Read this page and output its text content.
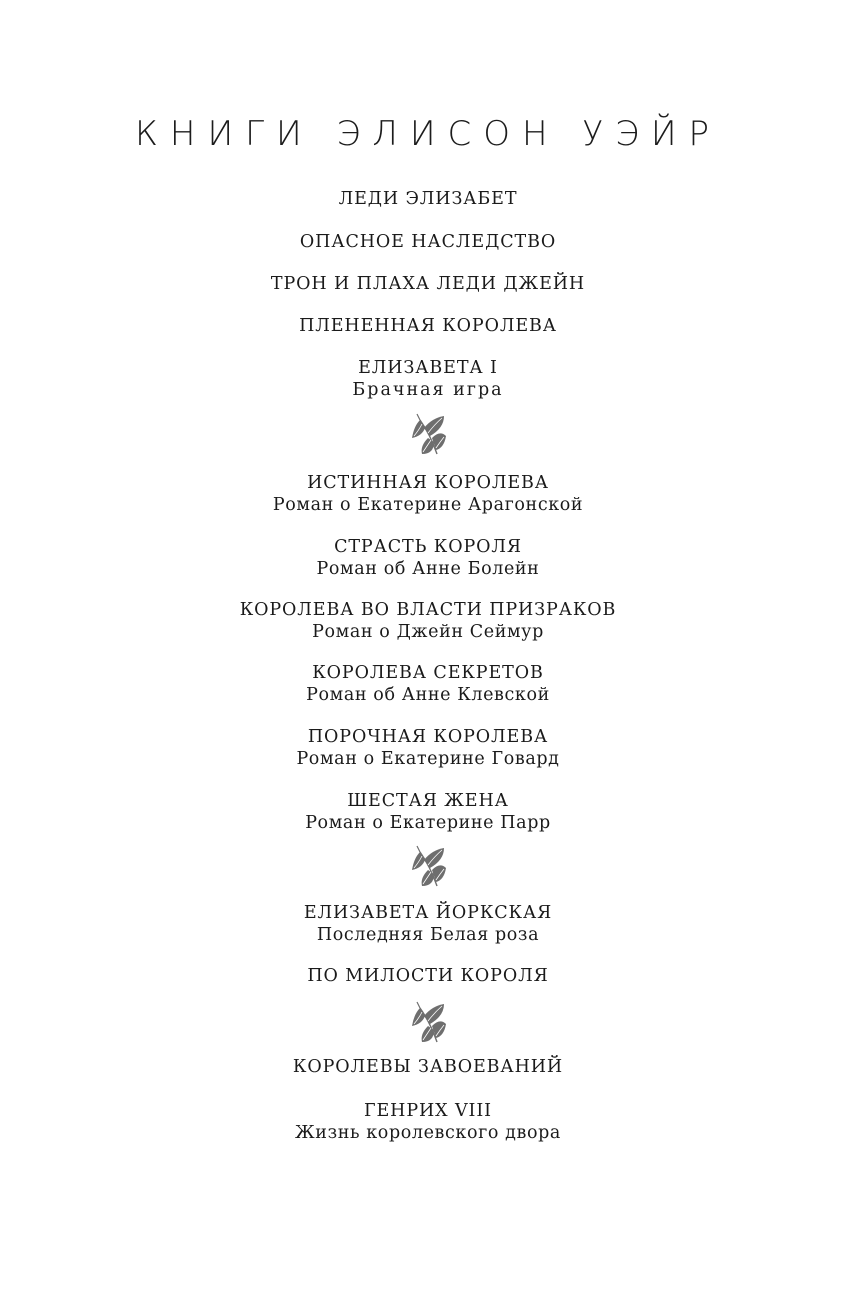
КНИГИ ЭЛИСОН УЭЙР
ЛЕДИ ЭЛИЗАБЕТ
ОПАСНОЕ НАСЛЕДСТВО
ТРОН И ПЛАХА ЛЕДИ ДЖЕЙН
ПЛЕНЕННАЯ КОРОЛЕВА
ЕЛИЗАВЕТА I
Брачная игра
ИСТИННАЯ КОРОЛЕВА
Роман о Екатерине Арагонской
СТРАСТЬ КОРОЛЯ
Роман об Анне Болейн
КОРОЛЕВА ВО ВЛАСТИ ПРИЗРАКОВ
Роман о Джейн Сеймур
КОРОЛЕВА СЕКРЕТОВ
Роман об Анне Клевской
ПОРОЧНАЯ КОРОЛЕВА
Роман о Екатерине Говард
ШЕСТАЯ ЖЕНА
Роман о Екатерине Парр
ЕЛИЗАВЕТА ЙОРКСКАЯ
Последняя Белая роза
ПО МИЛОСТИ КОРОЛЯ
КОРОЛЕВЫ ЗАВОЕВАНИЙ
ГЕНРИХ VIII
Жизнь королевского двора
